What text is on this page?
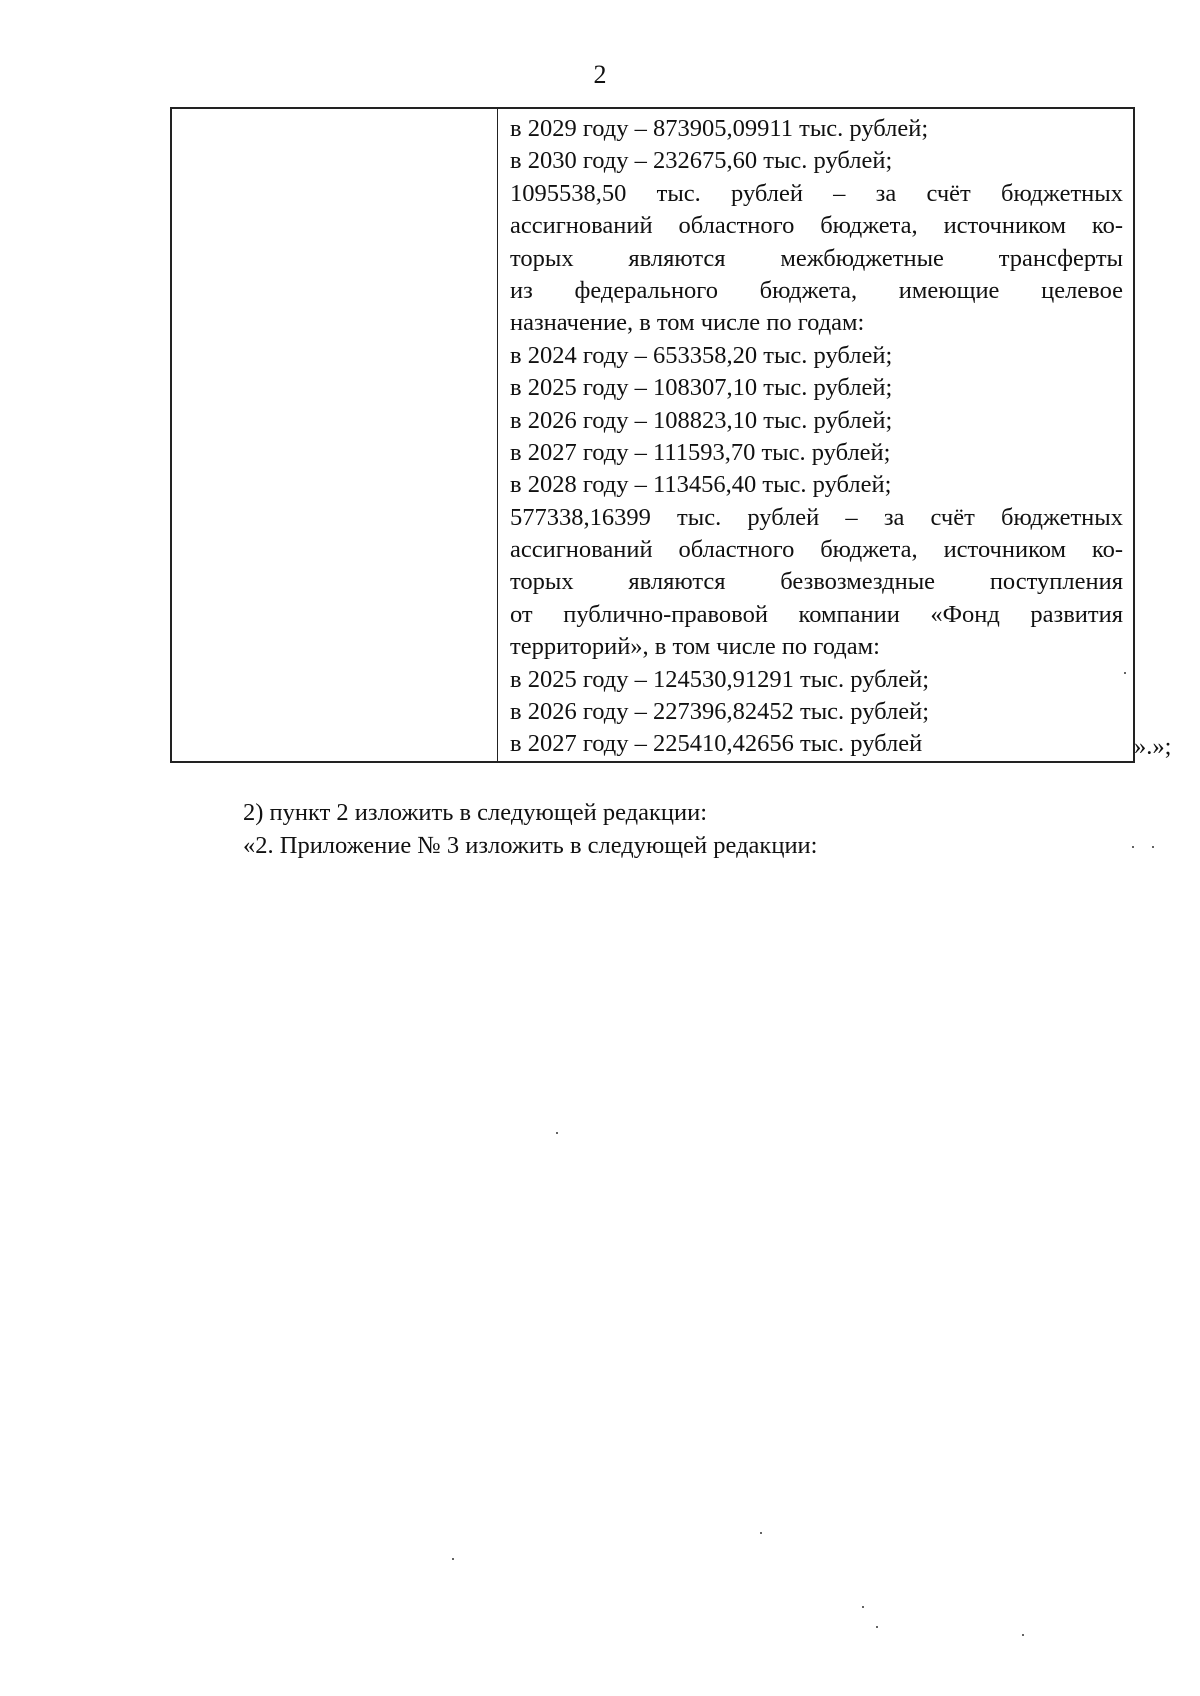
2
в 2029 году – 873905,09911 тыс. рублей;
в 2030 году – 232675,60 тыс. рублей;
1095538,50 тыс. рублей – за счёт бюджетных
ассигнований областного бюджета, источником ко-
торых являются межбюджетные трансферты
из федерального бюджета, имеющие целевое
назначение, в том числе по годам:
в 2024 году – 653358,20 тыс. рублей;
в 2025 году – 108307,10 тыс. рублей;
в 2026 году – 108823,10 тыс. рублей;
в 2027 году – 111593,70 тыс. рублей;
в 2028 году – 113456,40 тыс. рублей;
577338,16399 тыс. рублей – за счёт бюджетных
ассигнований областного бюджета, источником ко-
торых являются безвозмездные поступления
от публично-правовой компании «Фонд развития
территорий», в том числе по годам:
в 2025 году – 124530,91291 тыс. рублей;
в 2026 году – 227396,82452 тыс. рублей;
в 2027 году – 225410,42656 тыс. рублей	».»;
2) пункт 2 изложить в следующей редакции:
«2. Приложение № 3 изложить в следующей редакции:
